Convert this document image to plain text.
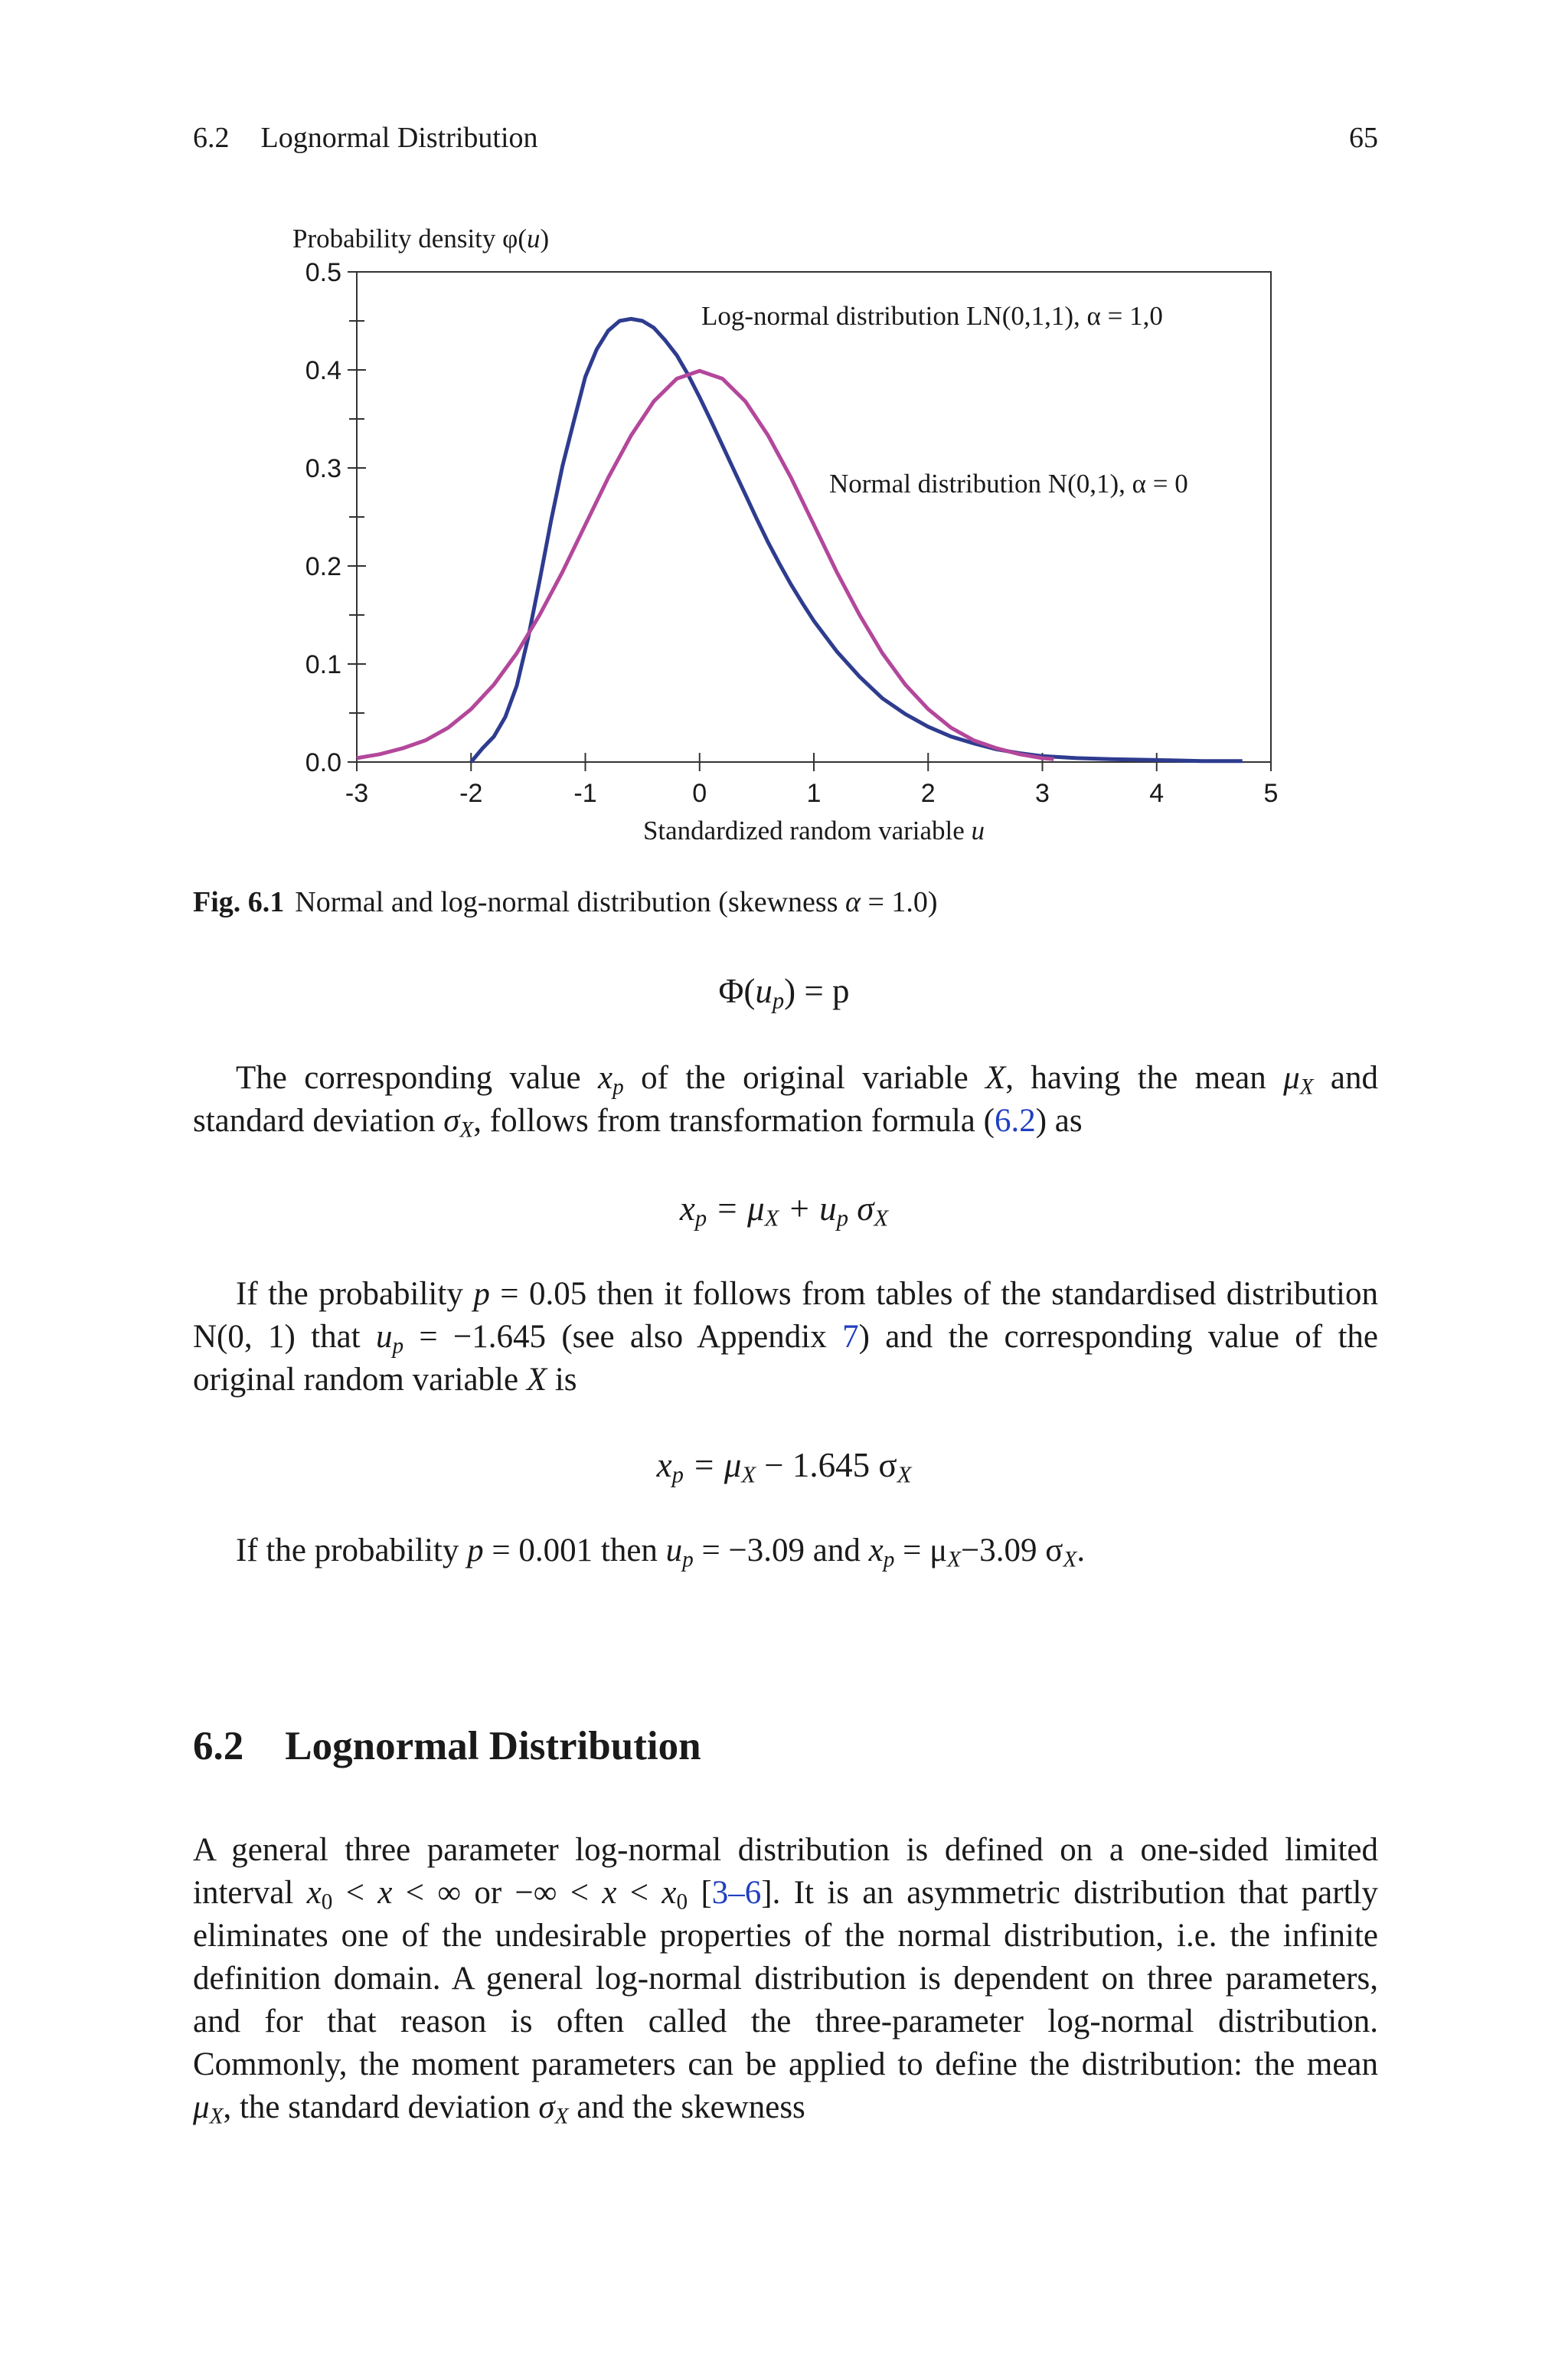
6.2 Lognormal Distribution	65
Probability density φ(u)
-3	-2	-1	0	1	2	3	4	5
0.0
0.1
0.2
0.3
0.4
0.5
Log-normal distribution LN(0,1,1), α = 1,0
Normal distribution N(0,1), α = 0
Standardized random variable u
Fig. 6.1 Normal and log-normal distribution (skewness α = 1.0)
$\Phi(u_p) = p$

The corresponding value $x_p$ of the original variable X, having the mean $\mu_X$ and standard deviation $\sigma_X$, follows from transformation formula (6.2) as

$x_p = \mu_X + u_p$ $\sigma_X$

If the probability p = 0.05 then it follows from tables of the standardised distribution N(0, 1) that $u_p = -1.645$ (see also Appendix 7) and the corresponding value of the original random variable X is

$x_p = \mu_X - 1.645$ $\sigma_X$

If the probability p = 0.001 then $u_p = -3.09$ and $x_p = \mu_X-3.09$ $\sigma_X$.

6.2 Lognormal Distribution

A general three parameter log-normal distribution is defined on a one-sided limited interval $x_0 < x$ < ∞ or −∞ < $x < x_0$ [3–6]. It is an asymmetric distribution that partly eliminates one of the undesirable properties of the normal distribution, i.e. the infinite definition domain. A general log-normal distribution is dependent on three parameters, and for that reason is often called the three-parameter log-normal distribution. Commonly, the moment parameters can be applied to define the distribution: the mean $\mu_X$, the standard deviation $\sigma_X$ and the skewness
